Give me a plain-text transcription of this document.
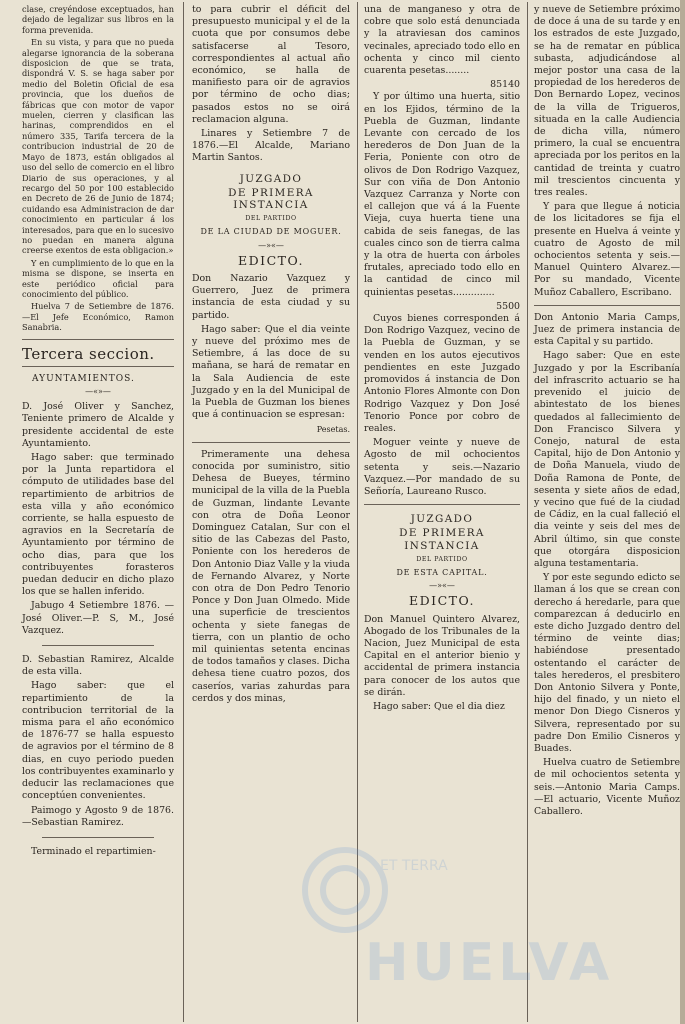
clase, creyéndose exceptuados, han dejado de legalizar sus libros en la forma prevenida.

En su vista, y para que no pueda alegarse ignorancia de la soberana disposicion de que se trata, dispondrá V. S. se haga saber por medio del Boletin Oficial de esa provincia, que los dueños de fábricas que con motor de vapor muelen, cierren y clasifican las harinas, comprendidos en el número 335, Tarifa tercera de la contribucion industrial de 20 de Mayo de 1873, están obligados al uso del sello de comercio en el libro Diario de sus operaciones, y al recargo del 50 por 100 establecido en Decreto de 26 de Junio de 1874; cuidando esa Administracion de dar conocimiento en particular á los interesados, para que en lo sucesivo no puedan en manera alguna creerse exentos de esta obligacion.»

Y en cumplimiento de lo que en la misma se dispone, se inserta en este periódico oficial para conocimiento del público.

Huelva 7 de Setiembre de 1876. —El Jefe Económico, Ramon Sanabria.

Tercera seccion.
AYUNTAMIENTOS.
—«»—

D. José Oliver y Sanchez, Teniente primero de Alcalde y presidente accidental de este Ayuntamiento.

Hago saber: que terminado por la Junta repartidora el cómputo de utilidades base del repartimiento de arbitrios de esta villa y año económico corriente, se halla espuesto de agravios en la Secretaría de Ayuntamiento por término de ocho dias, para que los contribuyentes forasteros puedan deducir en dicho plazo los que se hallen inferido.

Jabugo 4 Setiembre 1876. —José Oliver.—P. S, M., José Vazquez.

D. Sebastian Ramirez, Alcalde de esta villa.

Hago saber: que el repartimiento de la contribucion territorial de la misma para el año económico de 1876-77 se halla espuesto de agravios por el término de 8 dias, en cuyo periodo pueden los contribuyentes examinarlo y deducir las reclamaciones que conceptúen convenientes.

Paimogo y Agosto 9 de 1876.—Sebastian Ramirez.

Terminado el repartimien-

to para cubrir el déficit del presupuesto municipal y el de la cuota que por consumos debe satisfacerse al Tesoro, correspondientes al actual año económico, se halla de manifiesto para oir de agravios por término de ocho dias; pasados estos no se oirá reclamacion alguna.

Linares y Setiembre 7 de 1876.—El Alcalde, Mariano Martin Santos.

JUZGADO
DE PRIMERA INSTANCIA
DEL PARTIDO
DE LA CIUDAD DE MOGUER.
—»«—
EDICTO.

Don Nazario Vazquez y Guerrero, Juez de primera instancia de esta ciudad y su partido.

Hago saber: Que el dia veinte y nueve del próximo mes de Setiembre, á las doce de su mañana, se hará de rematar en la Sala Audiencia de este Juzgado y en la del Municipal de la Puebla de Guzman los bienes que á continuacion se espresan:

Pesetas.

Primeramente una dehesa conocida por suministro, sitio Dehesa de Bueyes, término municipal de la villa de la Puebla de Guzman, lindante Levante con otra de Doña Leonor Dominguez Catalan, Sur con el sitio de las Cabezas del Pasto, Poniente con los herederos de Don Antonio Diaz Valle y la viuda de Fernando Alvarez, y Norte con otra de Don Pedro Tenorio Ponce y Don Juan Olmedo. Mide una superficie de trescientos ochenta y siete fanegas de tierra, con un plantio de ocho mil quinientas setenta encinas de todos tamaños y clases. Dicha dehesa tiene cuatro pozos, dos caseríos, varias zahurdas para cerdos y dos minas,

una de manganeso y otra de cobre que solo está denunciada y la atraviesan dos caminos vecinales, apreciado todo ello en ochenta y cinco mil ciento cuarenta pesetas........

85140

Y por último una huerta, sitio en los Ejidos, término de la Puebla de Guzman, lindante Levante con cercado de los herederos de Don Juan de la Feria, Poniente con otro de olivos de Don Rodrigo Vazquez, Sur con viña de Don Antonio Vazquez Carranza y Norte con el callejon que vá á la Fuente Vieja, cuya huerta tiene una cabida de seis fanegas, de las cuales cinco son de tierra calma y la otra de huerta con árboles frutales, apreciado todo ello en la cantidad de cinco mil quinientas pesetas..............

5500

Cuyos bienes corresponden á Don Rodrigo Vazquez, vecino de la Puebla de Guzman, y se venden en los autos ejecutivos pendientes en este Juzgado promovidos á instancia de Don Antonio Flores Almonte con Don Rodrigo Vazquez y Don José Tenorio Ponce por cobro de reales.

Moguer veinte y nueve de Agosto de mil ochocientos setenta y seis.—Nazario Vazquez.—Por mandado de su Señoría, Laureano Rusco.

JUZGADO
DE PRIMERA INSTANCIA
DEL PARTIDO
DE ESTA CAPITAL.
—»«—
EDICTO.

Don Manuel Quintero Alvarez, Abogado de los Tribunales de la Nacion, Juez Municipal de esta Capital en el anterior bienio y accidental de primera instancia para conocer de los autos que se dirán.

Hago saber: Que el dia diez

y nueve de Setiembre próximo de doce á una de su tarde y en los estrados de este Juzgado, se ha de rematar en pública subasta, adjudicándose al mejor postor una casa de la propiedad de los herederos de Don Bernardo Lopez, vecinos de la villa de Trigueros, situada en la calle Audiencia de dicha villa, número primero, la cual se encuentra apreciada por los peritos en la cantidad de treinta y cuatro mil trescientos cincuenta y tres reales.

Y para que llegue á noticia de los licitadores se fija el presente en Huelva á veinte y cuatro de Agosto de mil ochocientos setenta y seis.—Manuel Quintero Alvarez.—Por su mandado, Vicente Muñoz Caballero, Escribano.

Don Antonio Maria Camps, Juez de primera instancia de esta Capital y su partido.

Hago saber: Que en este Juzgado y por la Escribanía del infrascrito actuario se ha prevenido el juicio de abintestato de los bienes quedados al fallecimiento de Don Francisco Silvera y Conejo, natural de esta Capital, hijo de Don Antonio y de Doña Manuela, viudo de Doña Ramona de Ponte, de sesenta y siete años de edad, y vecino que fué de la ciudad de Cádiz, en la cual falleció el dia veinte y seis del mes de Abril último, sin que conste que otorgára disposicion alguna testamentaria.

Y por este segundo edicto se llaman á los que se crean con derecho á heredarle, para que comparezcan á deducirlo en este dicho Juzgado dentro del término de veinte dias; habiéndose presentado ostentando el carácter de tales herederos, el presbitero Don Antonio Silvera y Ponte, hijo del finado, y un nieto el menor Don Diego Cisneros y Silvera, representado por su padre Don Emilio Cisneros y Buades.

Huelva cuatro de Setiembre de mil ochocientos setenta y seis.—Antonio Maria Camps.—El actuario, Vicente Muñoz Caballero.

ET TERRA
HUELVA
